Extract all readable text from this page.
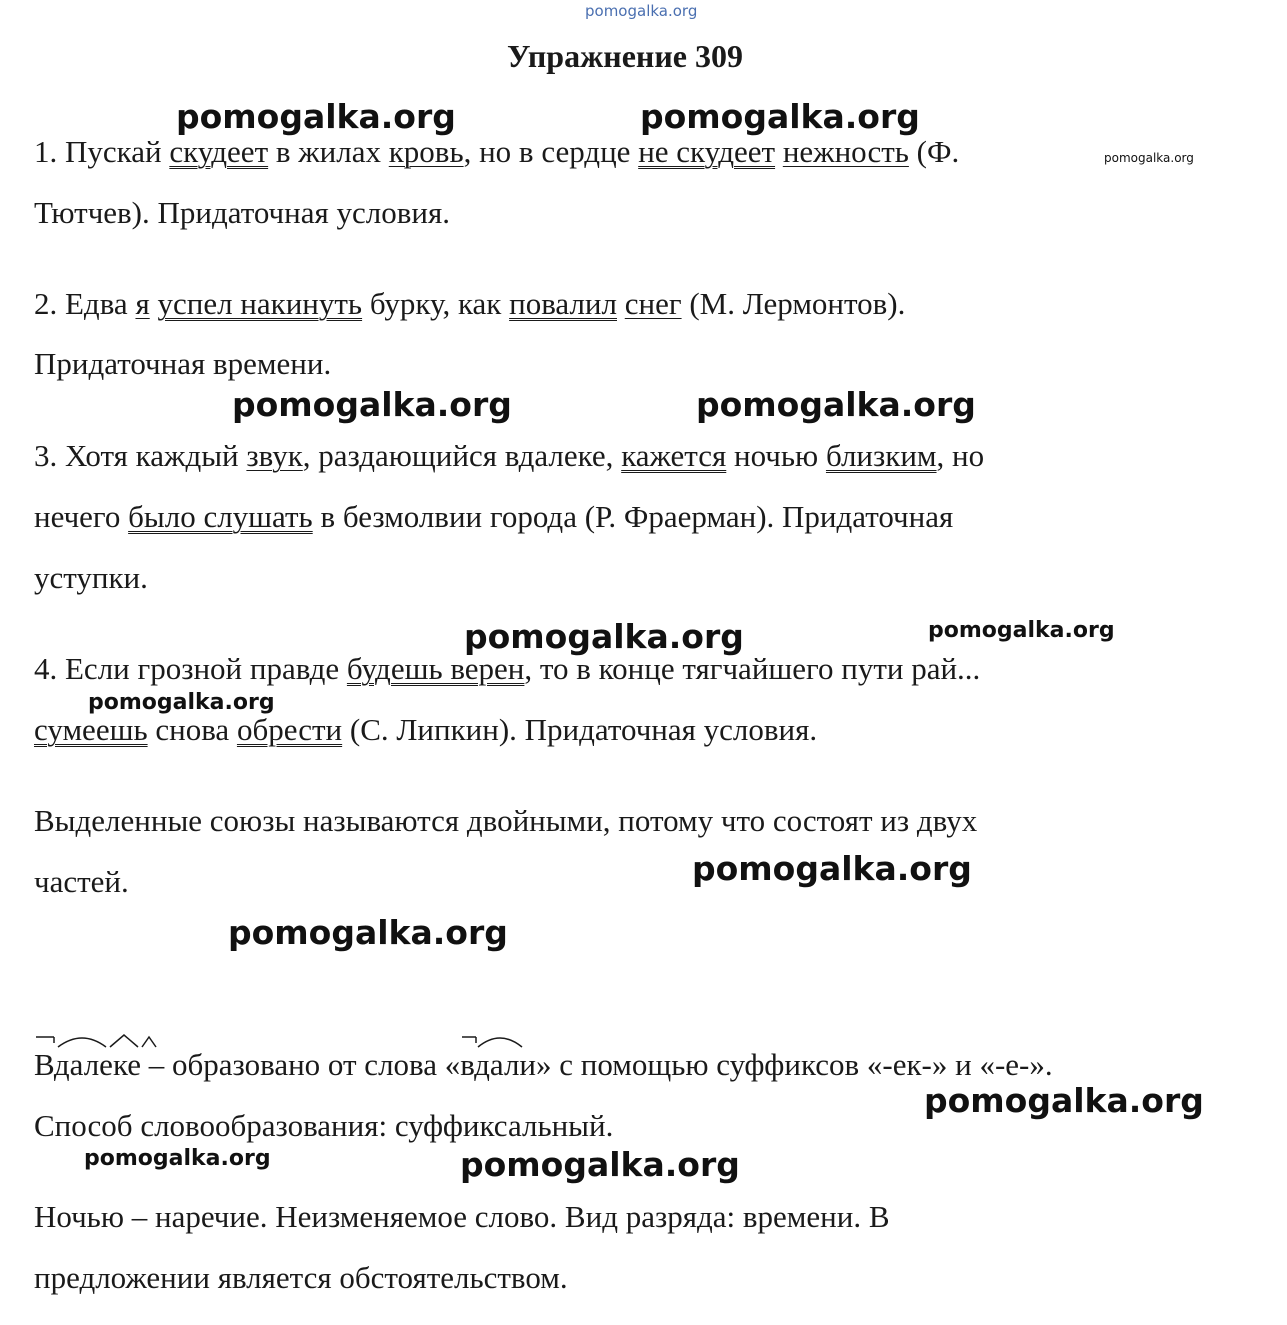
pomogalka.org
Упражнение 309
1. Пускай скудеет в жилах кровь, но в сердце не скудеет нежность (Ф.
Тютчев). Придаточная условия.
2. Едва я успел накинуть бурку, как повалил снег (М. Лермонтов).
Придаточная времени.
3. Хотя каждый звук, раздающийся вдалеке, кажется ночью близким, но
нечего было слушать в безмолвии города (Р. Фраерман). Придаточная
уступки.
4. Если грозной правде будешь верен, то в конце тягчайшего пути рай...
сумеешь снова обрести (С. Липкин). Придаточная условия.
Выделенные союзы называются двойными, потому что состоят из двух
частей.
Вдалеке – образовано от слова «
вдали» с помощью суффиксов «-ек-» и «-е-».
Способ словообразования: суффиксальный.
Ночью – наречие. Неизменяемое слово. Вид разряда: времени. В
предложении является обстоятельством.
pomogalka.org	pomogalka.org
pomogalka.org
pomogalka.org	pomogalka.org
pomogalka.org	pomogalka.org
pomogalka.org
pomogalka.org
pomogalka.org
pomogalka.org
pomogalka.org	pomogalka.org
